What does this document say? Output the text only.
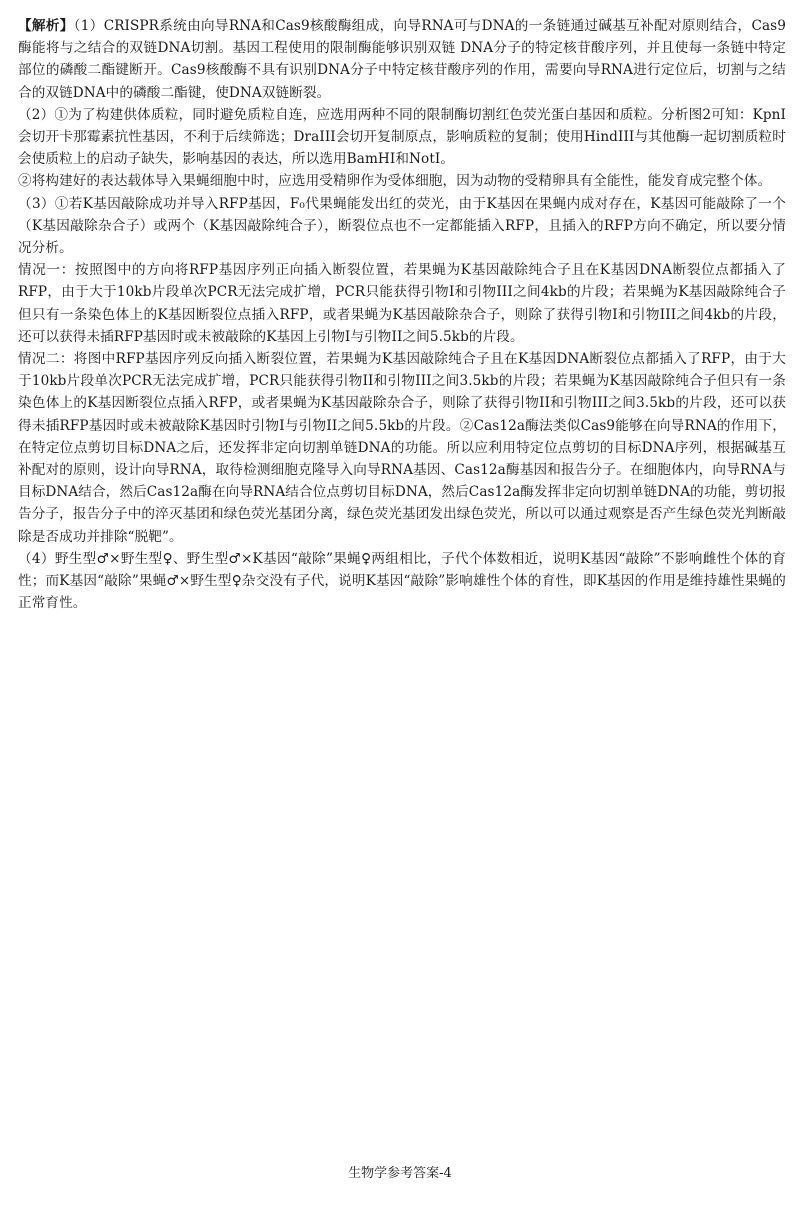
【解析】（1）CRISPR系统由向导RNA和Cas9核酸酶组成，向导RNA可与DNA的一条链通过碱基互补配对原则结合，Cas9酶能将与之结合的双链DNA切割。基因工程使用的限制酶能够识别双链 DNA分子的特定核苷酸序列，并且使每一条链中特定部位的磷酸二酯键断开。Cas9核酸酶不具有识别DNA分子中特定核苷酸序列的作用，需要向导RNA进行定位后，切割与之结合的双链DNA中的磷酸二酯键，使DNA双链断裂。

（2）①为了构建供体质粒，同时避免质粒自连，应选用两种不同的限制酶切割红色荧光蛋白基因和质粒。分析图2可知：KpnI会切开卡那霉素抗性基因，不利于后续筛选；DraIII会切开复制原点，影响质粒的复制；使用HindIII与其他酶一起切割质粒时会使质粒上的启动子缺失，影响基因的表达，所以选用BamHI和NotI。

②将构建好的表达载体导入果蝇细胞中时，应选用受精卵作为受体细胞，因为动物的受精卵具有全能性，能发育成完整个体。

（3）①若K基因敲除成功并导入RFP基因，F₀代果蝇能发出红的荧光，由于K基因在果蝇内成对存在，K基因可能敲除了一个（K基因敲除杂合子）或两个（K基因敲除纯合子），断裂位点也不一定都能插入RFP，且插入的RFP方向不确定，所以要分情况分析。

情况一：按照图中的方向将RFP基因序列正向插入断裂位置，若果蝇为K基因敲除纯合子且在K基因DNA断裂位点都插入了RFP，由于大于10kb片段单次PCR无法完成扩增，PCR只能获得引物I和引物III之间4kb的片段；若果蝇为K基因敲除纯合子但只有一条染色体上的K基因断裂位点插入RFP，或者果蝇为K基因敲除杂合子，则除了获得引物I和引物III之间4kb的片段，还可以获得未插RFP基因时或未被敲除的K基因上引物I与引物II之间5.5kb的片段。

情况二：将图中RFP基因序列反向插入断裂位置，若果蝇为K基因敲除纯合子且在K基因DNA断裂位点都插入了RFP，由于大于10kb片段单次PCR无法完成扩增，PCR只能获得引物II和引物III之间3.5kb的片段；若果蝇为K基因敲除纯合子但只有一条染色体上的K基因断裂位点插入RFP，或者果蝇为K基因敲除杂合子，则除了获得引物II和引物III之间3.5kb的片段，还可以获得未插RFP基因时或未被敲除K基因时引物I与引物II之间5.5kb的片段。②Cas12a酶法类似Cas9能够在向导RNA的作用下，在特定位点剪切目标DNA之后，还发挥非定向切割单链DNA的功能。所以应利用特定位点剪切的目标DNA序列，根据碱基互补配对的原则，设计向导RNA，取待检测细胞克隆导入向导RNA基因、Cas12a酶基因和报告分子。在细胞体内，向导RNA与目标DNA结合，然后Cas12a酶在向导RNA结合位点剪切目标DNA，然后Cas12a酶发挥非定向切割单链DNA的功能，剪切报告分子，报告分子中的淬灭基团和绿色荧光基团分离，绿色荧光基团发出绿色荧光，所以可以通过观察是否产生绿色荧光判断敲除是否成功并排除“脱靶”。

（4）野生型♂×野生型♀、野生型♂×K基因“敲除”果蝇♀两组相比，子代个体数相近，说明K基因“敲除”不影响雌性个体的育性；而K基因“敲除”果蝇♂×野生型♀杂交没有子代，说明K基因“敲除”影响雄性个体的育性，即K基因的作用是维持雄性果蝇的正常育性。

生物学参考答案-4
